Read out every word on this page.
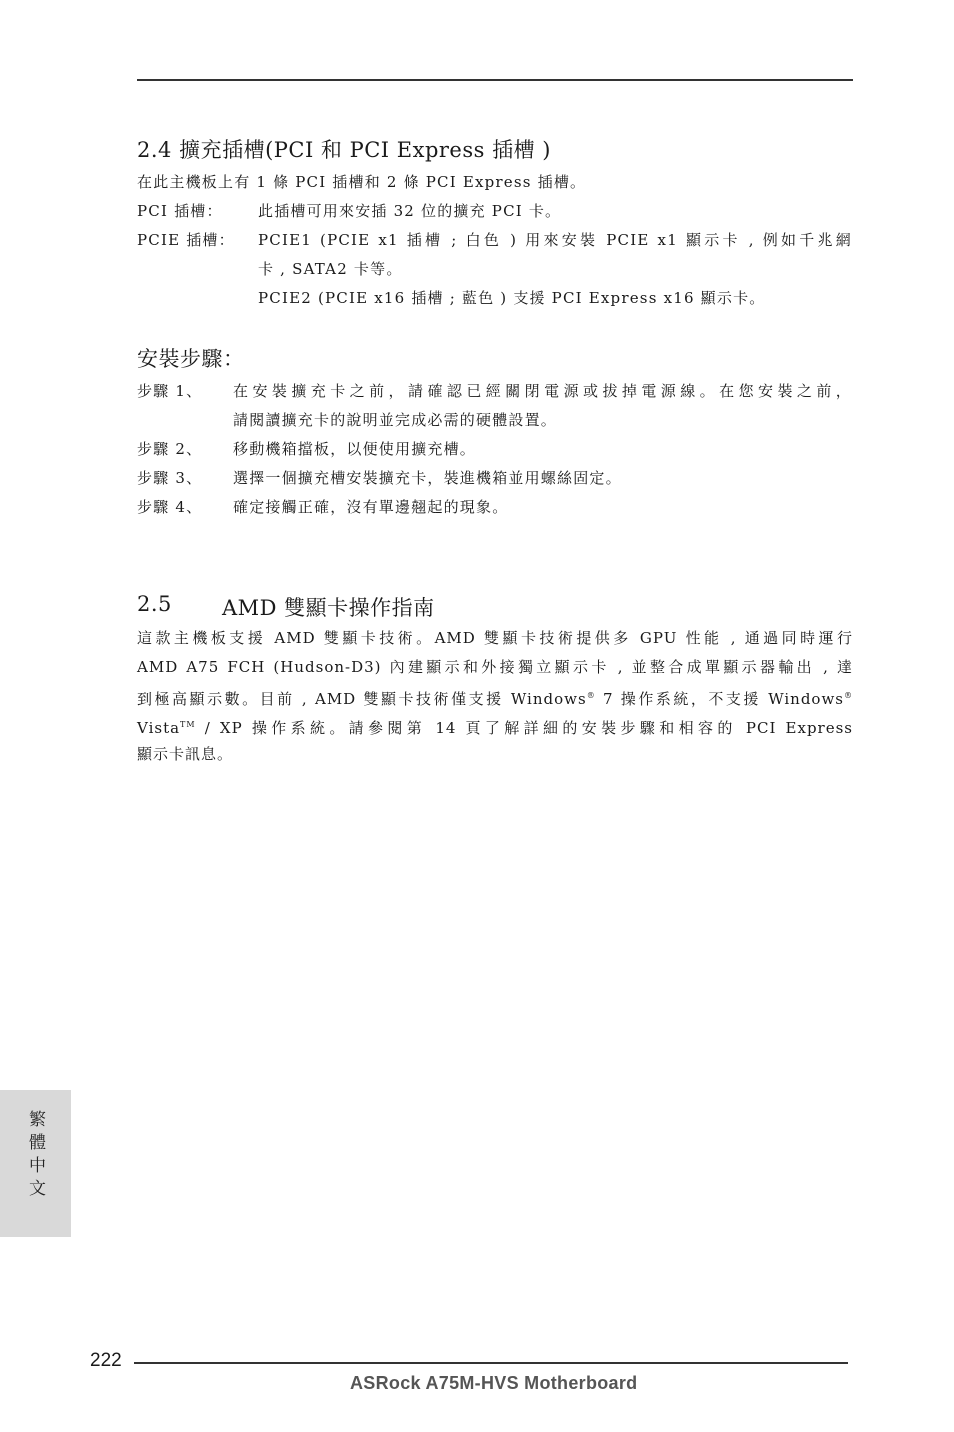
2.4 擴充插槽(PCI 和 PCI Express 插槽 )
在此主機板上有 1 條 PCI 插槽和 2 條 PCI Express 插槽。
PCI 插槽： 此插槽可用來安插 32 位的擴充 PCI 卡。
PCIE 插槽： PCIE1 (PCIE x1 插槽 ; 白色 ) 用來安裝 PCIE x1 顯示卡 , 例如千兆網
卡 , SATA2 卡等。
PCIE2 (PCIE x16 插槽 ; 藍色 ) 支援 PCI Express x16 顯示卡。
安裝步驟：
步驟 1、 在安裝擴充卡之前，請確認已經關閉電源或拔掉電源線。在您安裝之前，
請閱讀擴充卡的說明並完成必需的硬體設置。
步驟 2、 移動機箱擋板，以便使用擴充槽。
步驟 3、 選擇一個擴充槽安裝擴充卡，裝進機箱並用螺絲固定。
步驟 4、 確定接觸正確，沒有單邊翹起的現象。
2.5 AMD 雙顯卡操作指南
這款主機板支援 AMD 雙顯卡技術。AMD 雙顯卡技術提供多 GPU 性能 , 通過同時運行
AMD A75 FCH (Hudson-D3) 內建顯示和外接獨立顯示卡 , 並整合成單顯示器輸出 , 達
到極高顯示數。目前 , AMD 雙顯卡技術僅支援 Windows® 7 操作系統，不支援 Windows®
Vista™ / XP 操作系統。請參閱第 14 頁了解詳細的安裝步驟和相容的 PCI Express
顯示卡訊息。
繁體中文
222
ASRock A75M-HVS Motherboard
